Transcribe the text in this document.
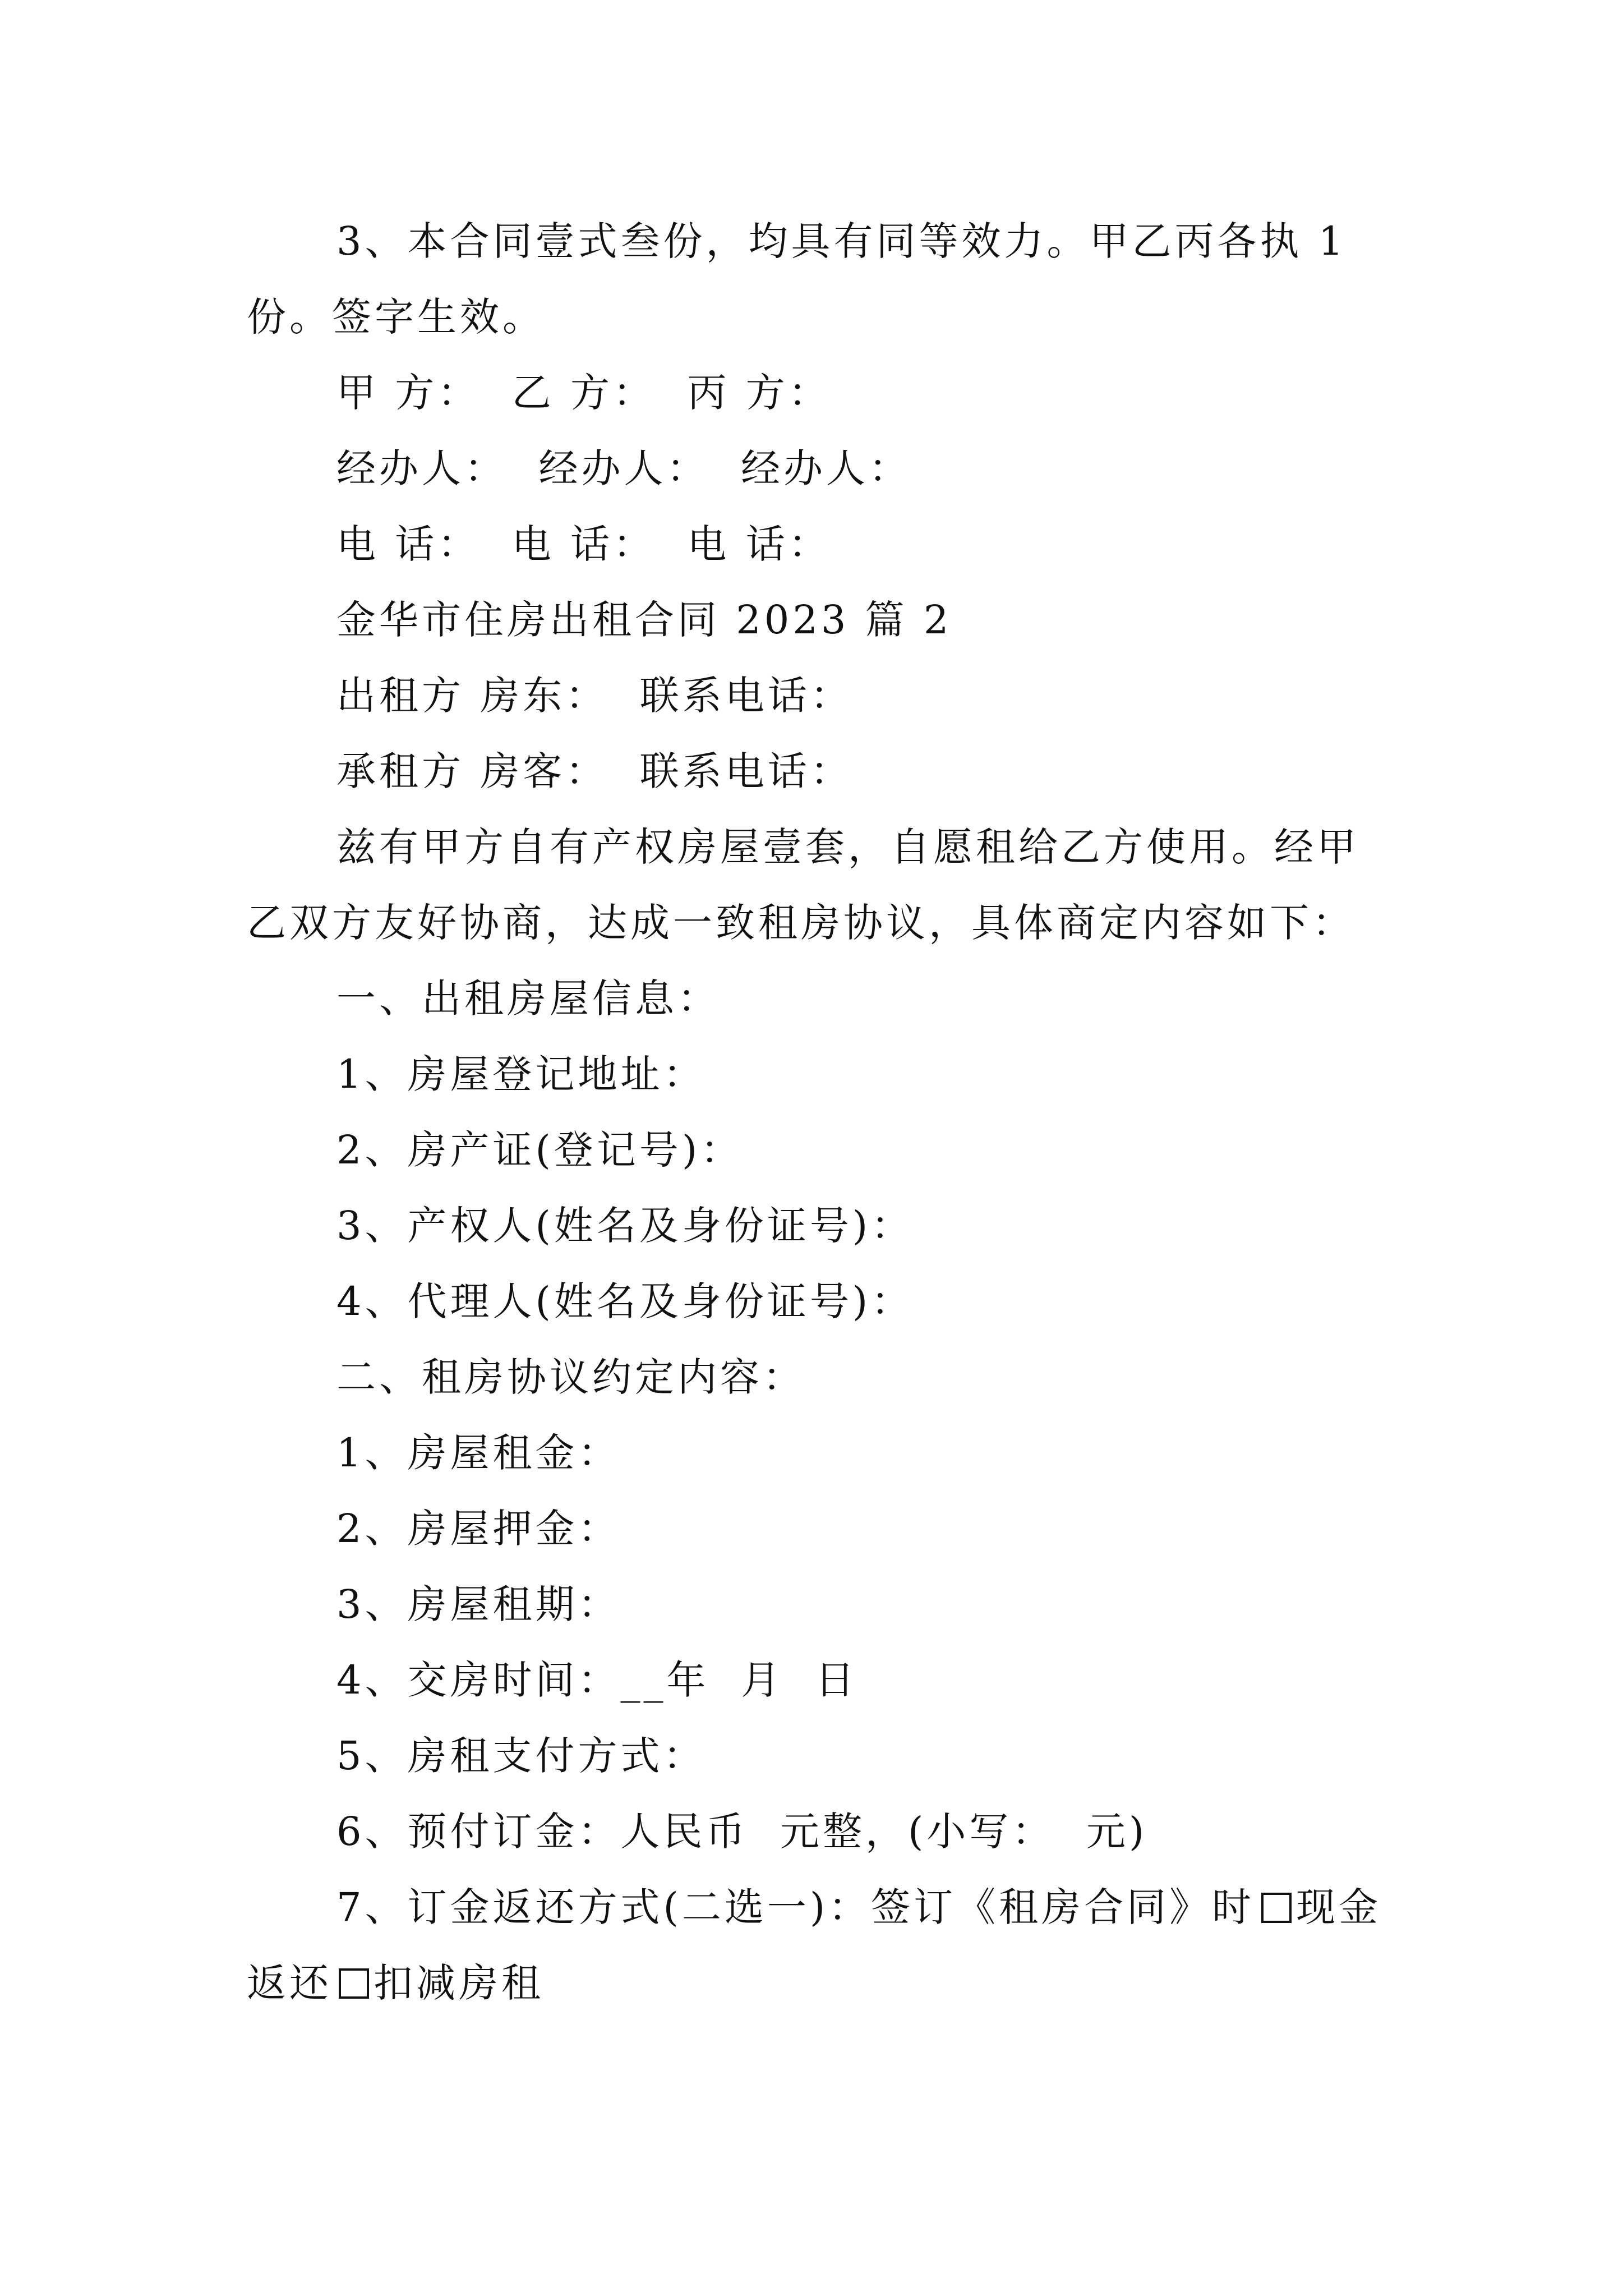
3、本合同壹式叁份，均具有同等效力。甲乙丙各执 1
份。签字生效。
甲 方：  乙 方：  丙 方：
经办人：  经办人：  经办人：
电 话：  电 话：  电 话：
金华市住房出租合同 2023 篇 2
出租方 房东：  联系电话：
承租方 房客：  联系电话：
兹有甲方自有产权房屋壹套，自愿租给乙方使用。经甲
乙双方友好协商，达成一致租房协议，具体商定内容如下：
一、出租房屋信息：
1、房屋登记地址：
2、房产证(登记号)：
3、产权人(姓名及身份证号)：
4、代理人(姓名及身份证号)：
二、租房协议约定内容：
1、房屋租金：
2、房屋押金：
3、房屋租期：
4、交房时间：__年  月  日
5、房租支付方式：
6、预付订金：人民币  元整，(小写：  元)
7、订金返还方式(二选一)：签订《租房合同》时 现金
返还 扣减房租
